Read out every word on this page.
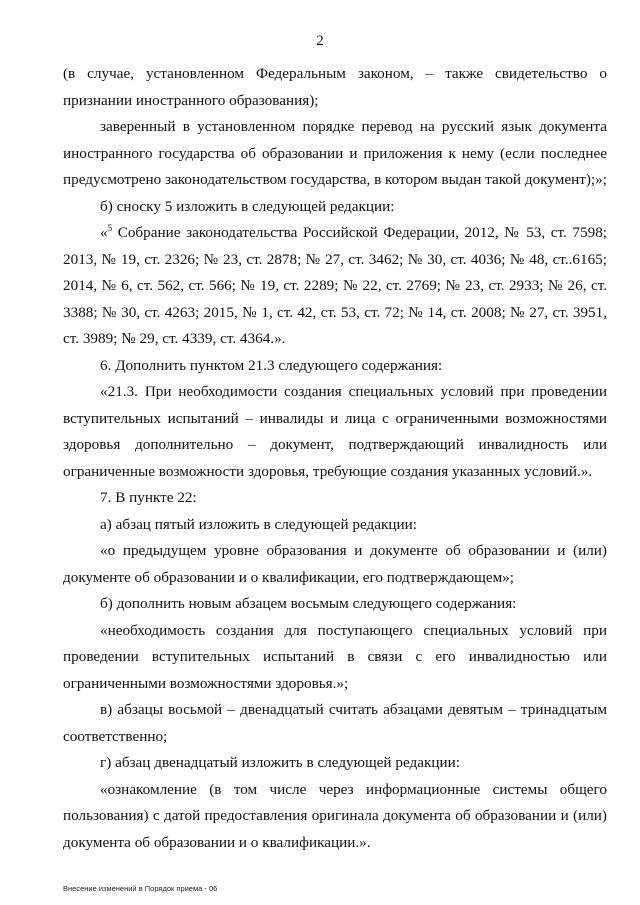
2

(в случае, установленном Федеральным законом, – также свидетельство о признании иностранного образования);

заверенный в установленном порядке перевод на русский язык документа иностранного государства об образовании и приложения к нему (если последнее предусмотрено законодательством государства, в котором выдан такой документ);»;

б) сноску 5 изложить в следующей редакции:

«$^5$ Собрание законодательства Российской Федерации, 2012, № 53, ст. 7598; 2013, № 19, ст. 2326; № 23, ст. 2878; № 27, ст. 3462; № 30, ст. 4036; № 48, ст..6165; 2014, № 6, ст. 562, ст. 566; № 19, ст. 2289; № 22, ст. 2769; № 23, ст. 2933; № 26, ст. 3388; № 30, ст. 4263; 2015, № 1, ст. 42, ст. 53, ст. 72; № 14, ст. 2008; № 27, ст. 3951, ст. 3989; № 29, ст. 4339, ст. 4364.».

6. Дополнить пунктом 21.3 следующего содержания:

«21.3. При необходимости создания специальных условий при проведении вступительных испытаний – инвалиды и лица с ограниченными возможностями здоровья дополнительно – документ, подтверждающий инвалидность или ограниченные возможности здоровья, требующие создания указанных условий.».

7. В пункте 22:

а) абзац пятый изложить в следующей редакции:

«о предыдущем уровне образования и документе об образовании и (или) документе об образовании и о квалификации, его подтверждающем»;

б) дополнить новым абзацем восьмым следующего содержания:

«необходимость создания для поступающего специальных условий при проведении вступительных испытаний в связи с его инвалидностью или ограниченными возможностями здоровья.»;

в) абзацы восьмой – двенадцатый считать абзацами девятым – тринадцатым соответственно;

г) абзац двенадцатый изложить в следующей редакции:

«ознакомление (в том числе через информационные системы общего пользования) с датой предоставления оригинала документа об образовании и (или) документа об образовании и о квалификации.».

Внесение изменений в Порядок приема - 06
